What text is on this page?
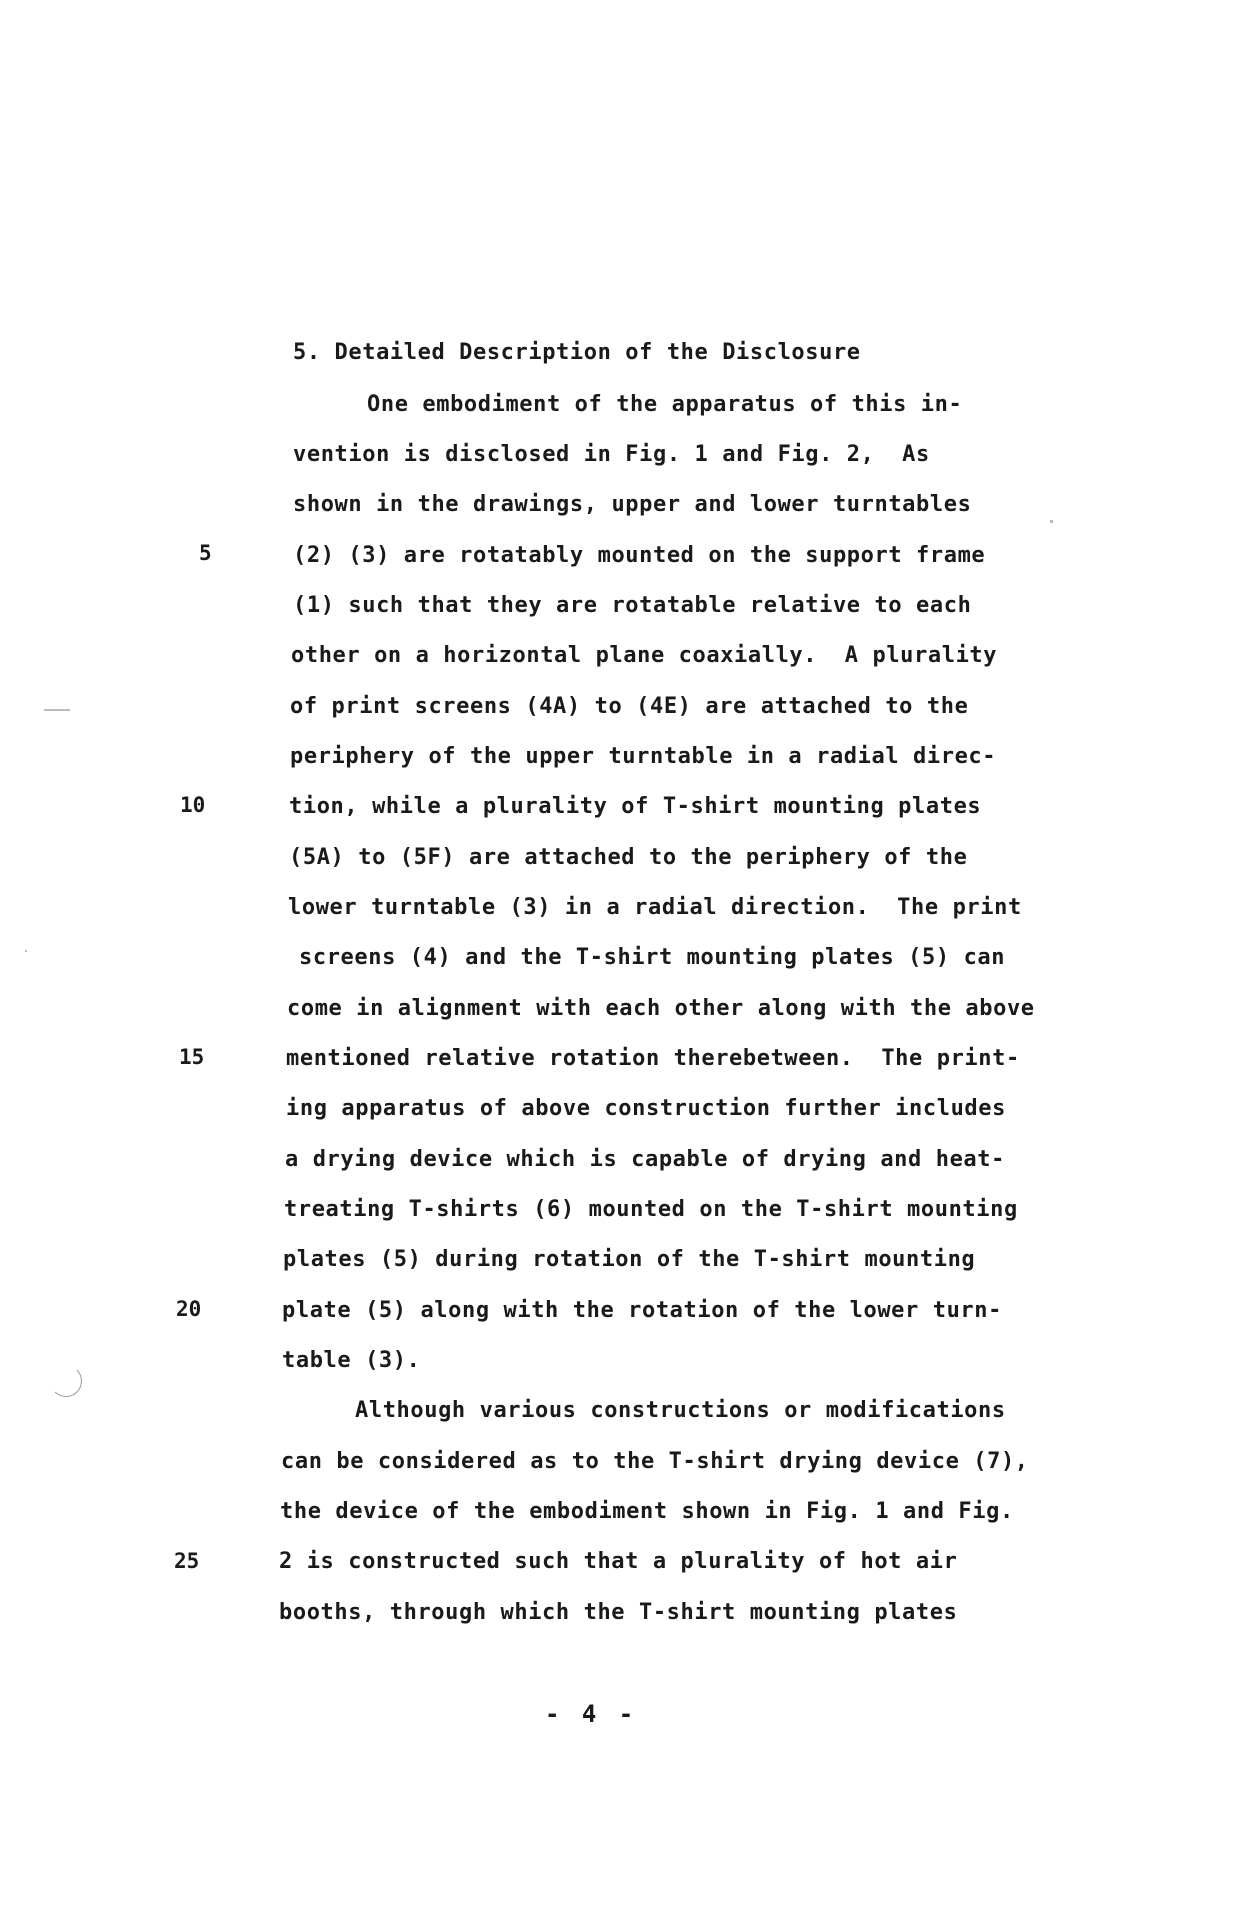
5. Detailed Description of the Disclosure
One embodiment of the apparatus of this in-
vention is disclosed in Fig. 1 and Fig. 2,  As
shown in the drawings, upper and lower turntables
(2) (3) are rotatably mounted on the support frame
(1) such that they are rotatable relative to each
other on a horizontal plane coaxially.  A plurality
of print screens (4A) to (4E) are attached to the
periphery of the upper turntable in a radial direc-
tion, while a plurality of T-shirt mounting plates
(5A) to (5F) are attached to the periphery of the
lower turntable (3) in a radial direction.  The print
screens (4) and the T-shirt mounting plates (5) can
come in alignment with each other along with the above
mentioned relative rotation therebetween.  The print-
ing apparatus of above construction further includes
a drying device which is capable of drying and heat-
treating T-shirts (6) mounted on the T-shirt mounting
plates (5) during rotation of the T-shirt mounting
plate (5) along with the rotation of the lower turn-
table (3).
Although various constructions or modifications
can be considered as to the T-shirt drying device (7),
the device of the embodiment shown in Fig. 1 and Fig.
2 is constructed such that a plurality of hot air
booths, through which the T-shirt mounting plates
5
10
15
20
25
- 4 -
